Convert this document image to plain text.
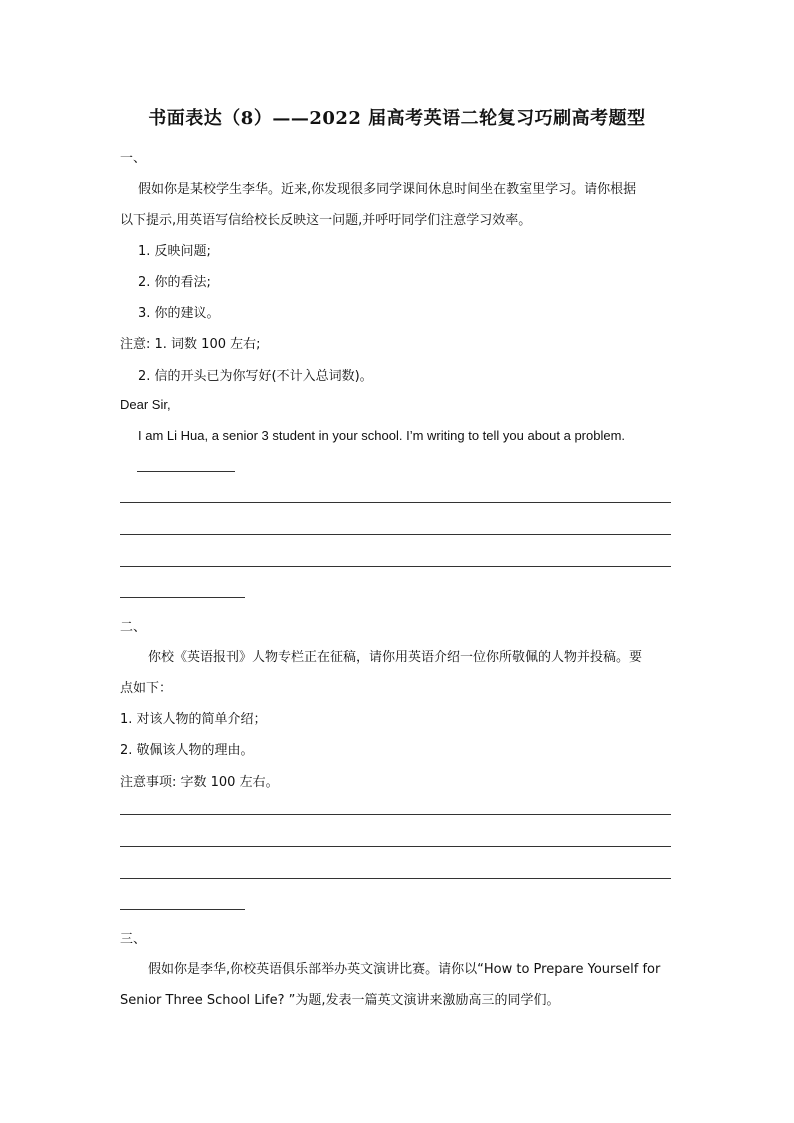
书面表达（8）——2022 届高考英语二轮复习巧刷高考题型
一、
假如你是某校学生李华。近来,你发现很多同学课间休息时间坐在教室里学习。请你根据
以下提示,用英语写信给校长反映这一问题,并呼吁同学们注意学习效率。
1. 反映问题;
2. 你的看法;
3. 你的建议。
注意: 1. 词数 100 左右;
2. 信的开头已为你写好(不计入总词数)。
Dear Sir,
I am Li Hua, a senior 3 student in your school. I’m writing to tell you about a problem.
二、
你校《英语报刊》人物专栏正在征稿，请你用英语介绍一位你所敬佩的人物并投稿。要
点如下：
1. 对该人物的简单介绍；
2. 敬佩该人物的理由。
注意事项: 字数 100 左右。
三、
假如你是李华,你校英语俱乐部举办英文演讲比赛。请你以“How to Prepare Yourself for
Senior Three School Life? ”为题,发表一篇英文演讲来激励高三的同学们。
